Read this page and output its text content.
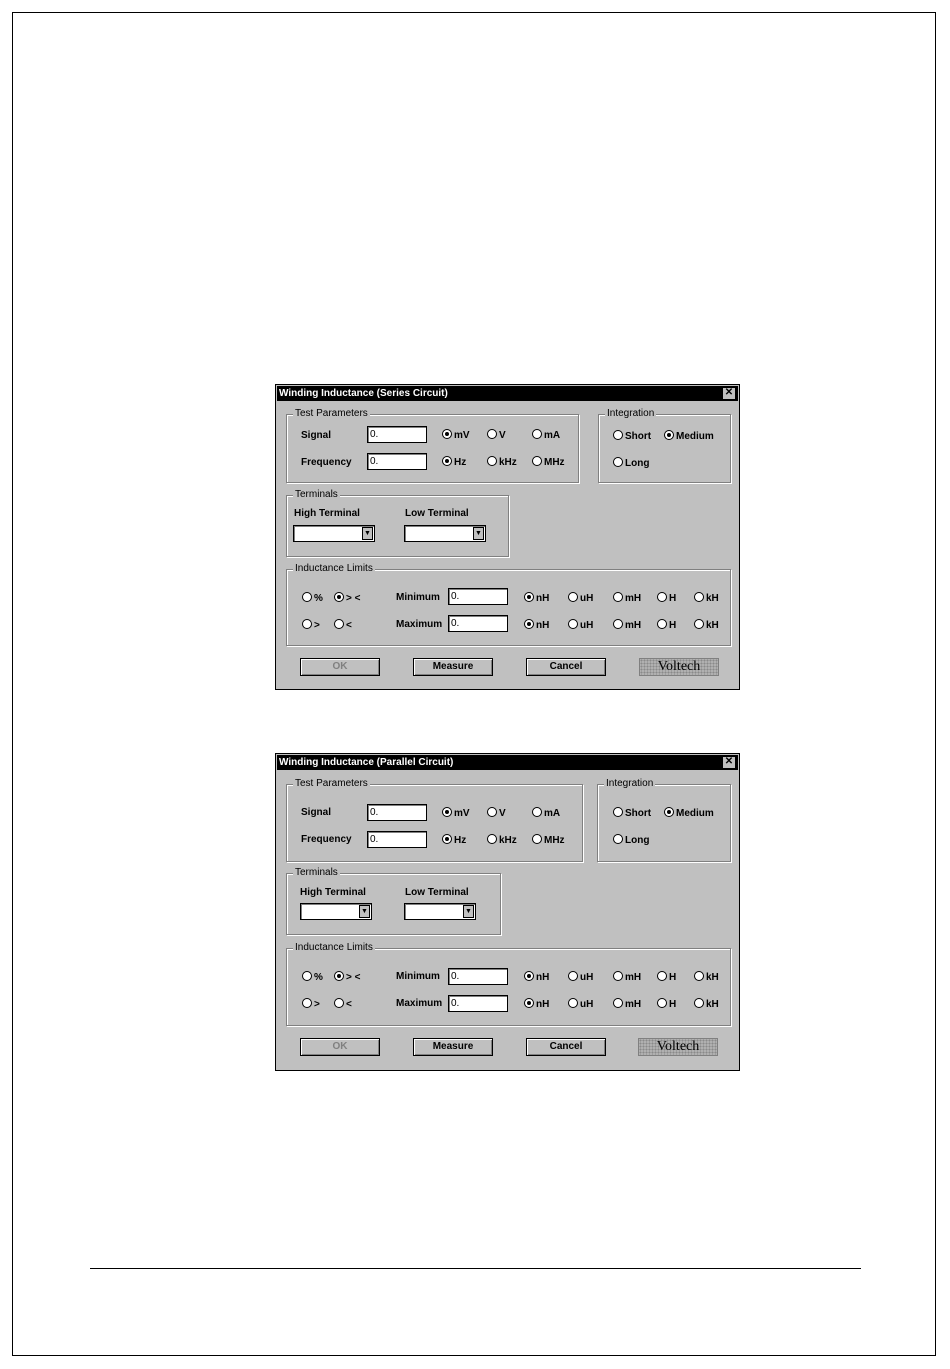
Winding Inductance (Series Circuit)	✕
Test Parameters
Signal	0.	mV	V	mA
Frequency	0.	Hz	kHz	MHz
Integration
Short	Medium
Long
Terminals
High Terminal
▼
Low Terminal
▼
Inductance Limits
%	> <
>	<
Minimum	0.	nH	uH	mH	H	kH
Maximum 0.	nH	uH	mH	H	kH
OK	Measure	Cancel	Voltech
Winding Inductance (Parallel Circuit)	✕
Test Parameters
Signal	0.	mV	V	mA
Frequency	0.	Hz	kHz	MHz
Integration
Short	Medium
Long
Terminals
High Terminal
▼
Low Terminal
▼
Inductance Limits
%	> <
>	<
Minimum	0.	nH	uH	mH	H	kH
Maximum 0.	nH	uH	mH	H	kH
OK	Measure	Cancel	Voltech
